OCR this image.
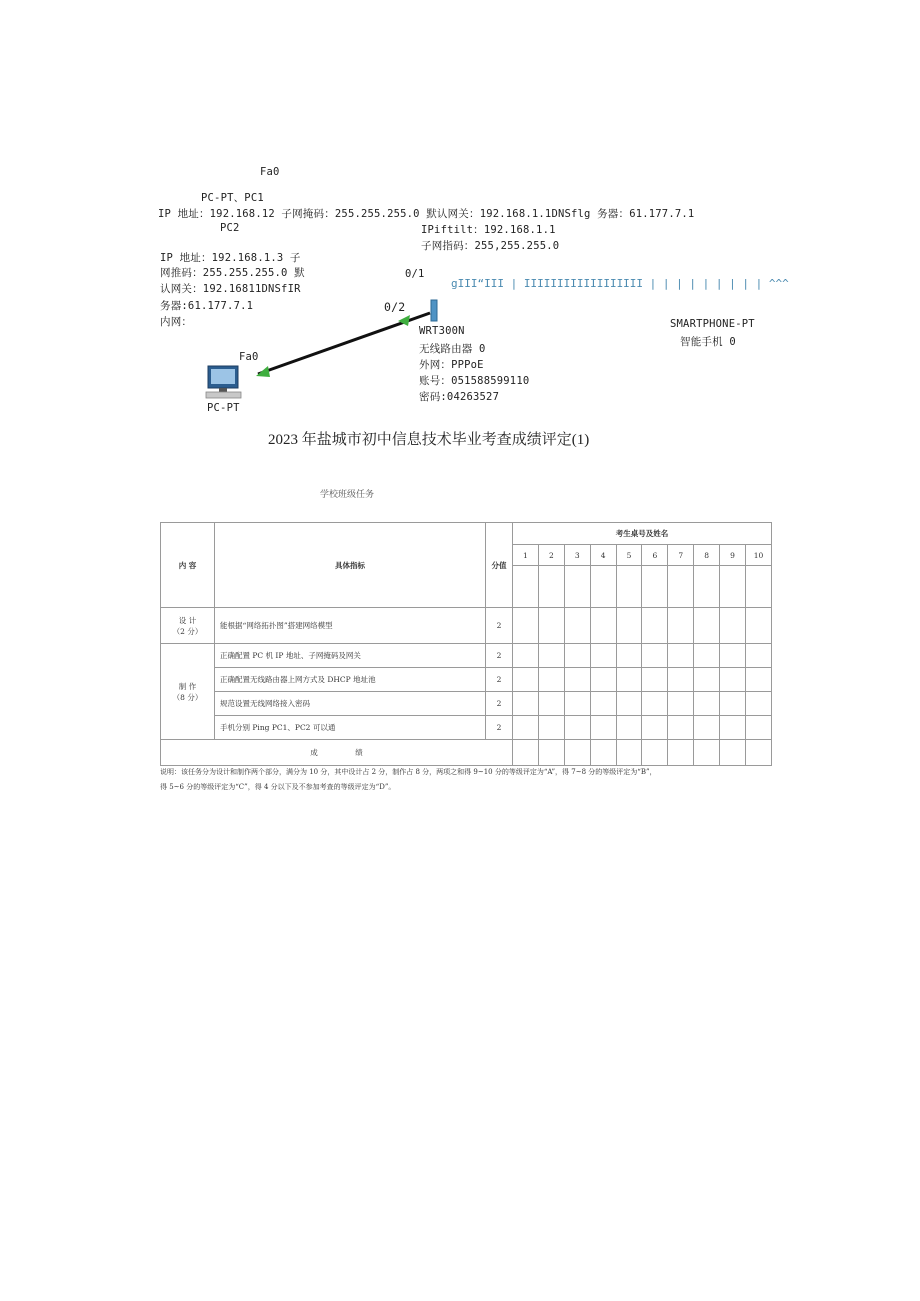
Fa0
PC-PT、PC1
IP 地址：192.168.12 子网掩码：255.255.255.0 默认网关：192.168.1.1DNSflg 务器：61.177.7.1
PC2	IPiftilt：192.168.1.1
子网指码：255,255.255.0
IP 地址：192.168.1.3 子
网推码：255.255.255.0 默
认网关：192.16811DNSfIR
务器:61.177.7.1
内网：
0/1
gIII“III | IIIIIIIIIIIIIIIIII | | | | | | | | | ^^^
0/2
WRT300N
无线路由器 0
外网：PPPoE
账号：051588599110
密码:04263527
SMARTPHONE-PT
智能手机 0
Fa0
PC-PT
2023 年盐城市初中信息技术毕业考查成绩评定(1)
学校班级任务
内 容	具体指标	分值	考生桌号及姓名									
			1	2	3	4	5	6	7	8	9	10

设 计
（2 分）	能根据“网络拓扑图”搭建网络模型	2										
制 作
（8 分）	正确配置 PC 机 IP 地址、子网掩码及网关	2										
	正确配置无线路由器上网方式及 DHCP 地址池	2										
	规范设置无线网络接入密码	2										
	手机分别 Ping PC1、PC2 可以通	2										
成　　　　　绩												
说明：该任务分为设计和制作两个部分，满分为 10 分，其中设计占 2 分，制作占 8 分，两项之和得 9~10 分的等级评定为“A”，得 7~8 分的等级评定为“B”，
得 5~6 分的等级评定为“C”，得 4 分以下及不参加考查的等级评定为“D”。
